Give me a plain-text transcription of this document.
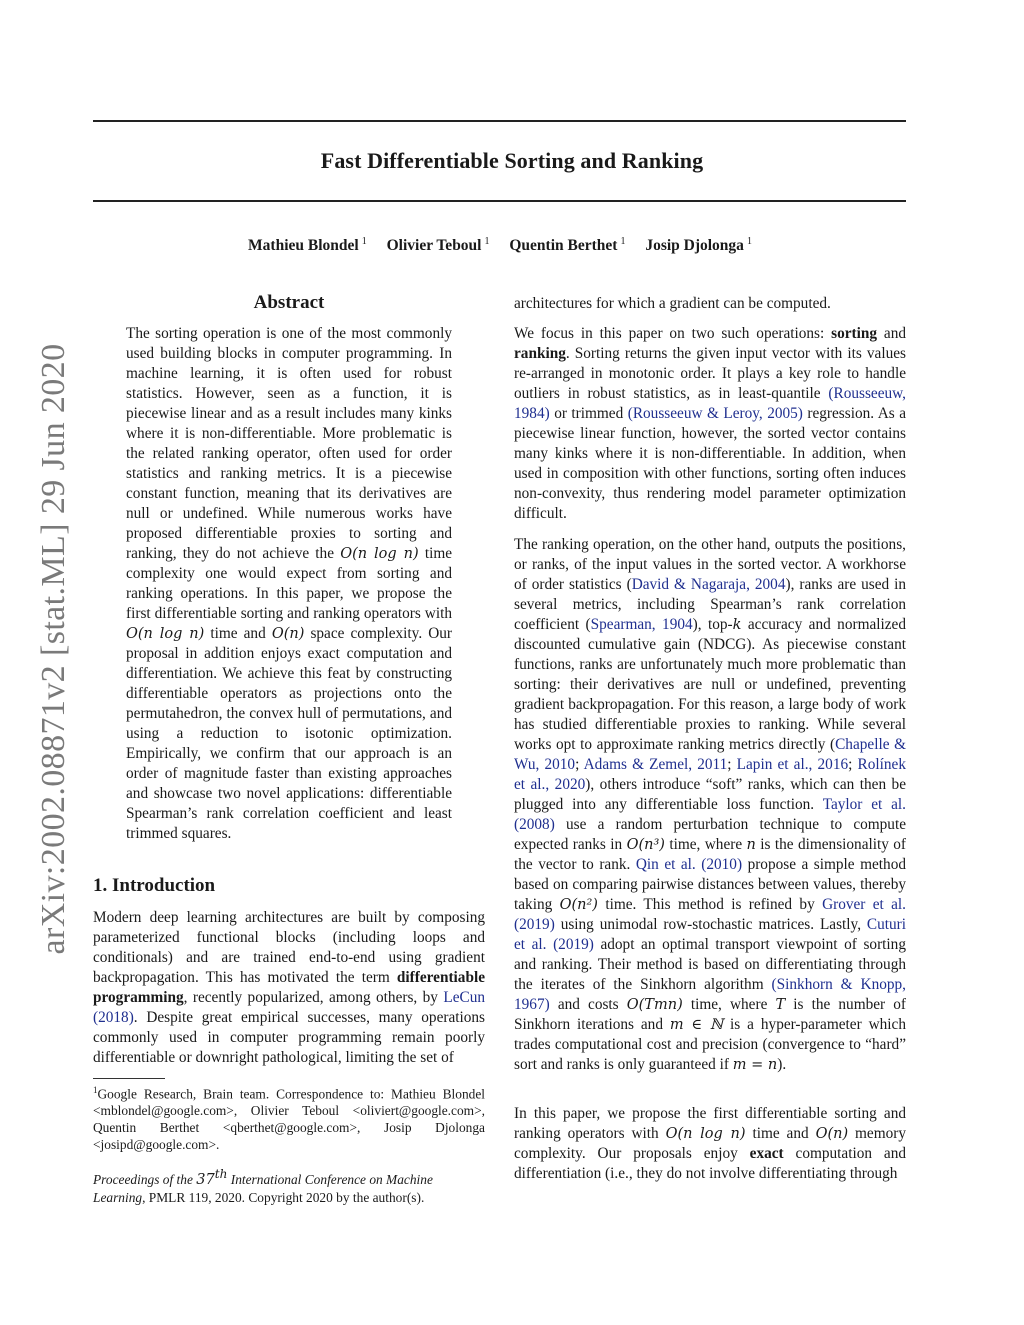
arXiv:2002.08871v2 [stat.ML] 29 Jun 2020
Fast Differentiable Sorting and Ranking
Mathieu Blondel $^1$ Olivier Teboul $^1$ Quentin Berthet $^1$ Josip Djolonga $^1$
Abstract

The sorting operation is one of the most commonly used building blocks in computer programming. In machine learning, it is often used for robust statistics. However, seen as a function, it is piecewise linear and as a result includes many kinks where it is non-differentiable. More problematic is the related ranking operator, often used for order statistics and ranking metrics. It is a piecewise constant function, meaning that its derivatives are null or undefined. While numerous works have proposed differentiable proxies to sorting and ranking, they do not achieve the O(n log n) time complexity one would expect from sorting and ranking operations. In this paper, we propose the first differentiable sorting and ranking operators with O(n log n) time and O(n) space complexity. Our proposal in addition enjoys exact computation and differentiation. We achieve this feat by constructing differentiable operators as projections onto the permutahedron, the convex hull of permutations, and using a reduction to isotonic optimization. Empirically, we confirm that our approach is an order of magnitude faster than existing approaches and showcase two novel applications: differentiable Spearman’s rank correlation coefficient and least trimmed squares.

1. Introduction

Modern deep learning architectures are built by composing parameterized functional blocks (including loops and conditionals) and are trained end-to-end using gradient backpropagation. This has motivated the term differentiable programming, recently popularized, among others, by LeCun (2018). Despite great empirical successes, many operations commonly used in computer programming remain poorly differentiable or downright pathological, limiting the set of

$^1$Google Research, Brain team. Correspondence to: Mathieu Blondel <mblondel@google.com>, Olivier Teboul <oliviert@google.com>, Quentin Berthet <qberthet@google.com>, Josip Djolonga <josipd@google.com>.

Proceedings of the 37th International Conference on Machine Learning, PMLR 119, 2020. Copyright 2020 by the author(s).

architectures for which a gradient can be computed.

We focus in this paper on two such operations: sorting and ranking. Sorting returns the given input vector with its values re-arranged in monotonic order. It plays a key role to handle outliers in robust statistics, as in least-quantile (Rousseeuw, 1984) or trimmed (Rousseeuw & Leroy, 2005) regression. As a piecewise linear function, however, the sorted vector contains many kinks where it is non-differentiable. In addition, when used in composition with other functions, sorting often induces non-convexity, thus rendering model parameter optimization difficult.

The ranking operation, on the other hand, outputs the positions, or ranks, of the input values in the sorted vector. A workhorse of order statistics (David & Nagaraja, 2004), ranks are used in several metrics, including Spearman’s rank correlation coefficient (Spearman, 1904), top-k accuracy and normalized discounted cumulative gain (NDCG). As piecewise constant functions, ranks are unfortunately much more problematic than sorting: their derivatives are null or undefined, preventing gradient backpropagation. For this reason, a large body of work has studied differentiable proxies to ranking. While several works opt to approximate ranking metrics directly (Chapelle & Wu, 2010; Adams & Zemel, 2011; Lapin et al., 2016; Rolínek et al., 2020), others introduce “soft” ranks, which can then be plugged into any differentiable loss function. Taylor et al. (2008) use a random perturbation technique to compute expected ranks in O(n³) time, where n is the dimensionality of the vector to rank. Qin et al. (2010) propose a simple method based on comparing pairwise distances between values, thereby taking O(n²) time. This method is refined by Grover et al. (2019) using unimodal row-stochastic matrices. Lastly, Cuturi et al. (2019) adopt an optimal transport viewpoint of sorting and ranking. Their method is based on differentiating through the iterates of the Sinkhorn algorithm (Sinkhorn & Knopp, 1967) and costs O(Tmn) time, where T is the number of Sinkhorn iterations and m ∈ ℕ is a hyper-parameter which trades computational cost and precision (convergence to “hard” sort and ranks is only guaranteed if m = n).

In this paper, we propose the first differentiable sorting and ranking operators with O(n log n) time and O(n) memory complexity. Our proposals enjoy exact computation and differentiation (i.e., they do not involve differentiating through
